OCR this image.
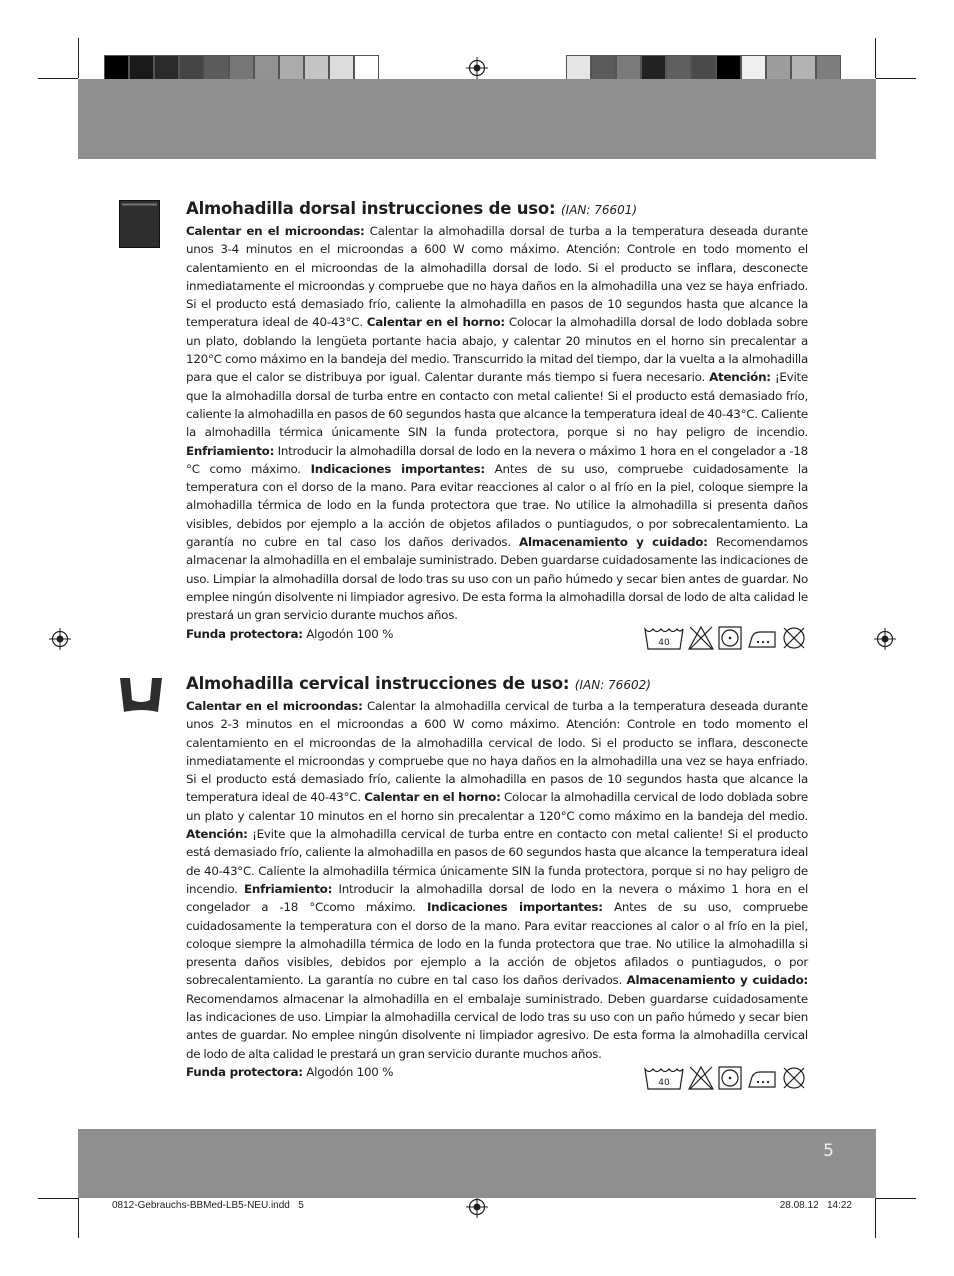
Almohadilla dorsal instrucciones de uso: (IAN: 76601)

Calentar en el microondas: Calentar la almohadilla dorsal de turba a la temperatura deseada durante unos 3-4 minutos en el microondas a 600 W como máximo. Atención: Controle en todo momento el calentamiento en el microondas de la almohadilla dorsal de lodo. Si el producto se inflara, desconecte inmediatamente el microondas y compruebe que no haya daños en la almohadilla una vez se haya enfriado. Si el producto está demasiado frío, caliente la almohadilla en pasos de 10 segundos hasta que alcance la temperatura ideal de 40-43°C. Calentar en el horno: Colocar la almohadilla dorsal de lodo doblada sobre un plato, doblando la lengüeta portante hacia abajo, y calentar 20 minutos en el horno sin precalentar a 120°C como máximo en la bandeja del medio. Transcurrido la mitad del tiempo, dar la vuelta a la almohadilla para que el calor se distribuya por igual. Calentar durante más tiempo si fuera necesario. Atención: ¡Evite que la almohadilla dorsal de turba entre en contacto con metal caliente! Si el producto está demasiado frío, caliente la almohadilla en pasos de 60 segundos hasta que alcance la temperatura ideal de 40-43°C. Caliente la almohadilla térmica únicamente SIN la funda protectora, porque si no hay peligro de incendio. Enfriamiento: Introducir la almohadilla dorsal de lodo en la nevera o máximo 1 hora en el congelador a -18 °C como máximo. Indicaciones importantes: Antes de su uso, compruebe cuidadosamente la temperatura con el dorso de la mano. Para evitar reacciones al calor o al frío en la piel, coloque siempre la almohadilla térmica de lodo en la funda protectora que trae. No utilice la almohadilla si presenta daños visibles, debidos por ejemplo a la acción de objetos afilados o puntiagudos, o por sobrecalentamiento. La garantía no cubre en tal caso los daños derivados. Almacenamiento y cuidado: Recomendamos almacenar la almohadilla en el embalaje suministrado. Deben guardarse cuidadosamente las indicaciones de uso. Limpiar la almohadilla dorsal de lodo tras su uso con un paño húmedo y secar bien antes de guardar. No emplee ningún disolvente ni limpiador agresivo. De esta forma la almohadilla dorsal de lodo de alta calidad le prestará un gran servicio durante muchos años.

Funda protectora: Algodón 100 %

40
Almohadilla cervical instrucciones de uso: (IAN: 76602)

Calentar en el microondas: Calentar la almohadilla cervical de turba a la temperatura deseada durante unos 2-3 minutos en el microondas a 600 W como máximo. Atención: Controle en todo momento el calentamiento en el microondas de la almohadilla cervical de lodo. Si el producto se inflara, desconecte inmediatamente el microondas y compruebe que no haya daños en la almohadilla una vez se haya enfriado. Si el producto está demasiado frío, caliente la almohadilla en pasos de 10 segundos hasta que alcance la temperatura ideal de 40-43°C. Calentar en el horno: Colocar la almohadilla cervical de lodo doblada sobre un plato y calentar 10 minutos en el horno sin precalentar a 120°C como máximo en la bandeja del medio. Atención: ¡Evite que la almohadilla cervical de turba entre en contacto con metal caliente! Si el producto está demasiado frío, caliente la almohadilla en pasos de 60 segundos hasta que alcance la temperatura ideal de 40-43°C. Caliente la almohadilla térmica únicamente SIN la funda protectora, porque si no hay peligro de incendio. Enfriamiento: Introducir la almohadilla dorsal de lodo en la nevera o máximo 1 hora en el congelador a -18 °Ccomo máximo. Indicaciones importantes: Antes de su uso, compruebe cuidadosamente la temperatura con el dorso de la mano. Para evitar reacciones al calor o al frío en la piel, coloque siempre la almohadilla térmica de lodo en la funda protectora que trae. No utilice la almohadilla si presenta daños visibles, debidos por ejemplo a la acción de objetos afilados o puntiagudos, o por sobrecalentamiento. La garantía no cubre en tal caso los daños derivados. Almacenamiento y cuidado: Recomendamos almacenar la almohadilla en el embalaje suministrado. Deben guardarse cuidadosamente las indicaciones de uso. Limpiar la almohadilla cervical de lodo tras su uso con un paño húmedo y secar bien antes de guardar. No emplee ningún disolvente ni limpiador agresivo. De esta forma la almohadilla cervical de lodo de alta calidad le prestará un gran servicio durante muchos años.

Funda protectora: Algodón 100 %

40
5
0812-Gebrauchs-BBMed-LB5-NEU.indd   5	28.08.12   14:22
